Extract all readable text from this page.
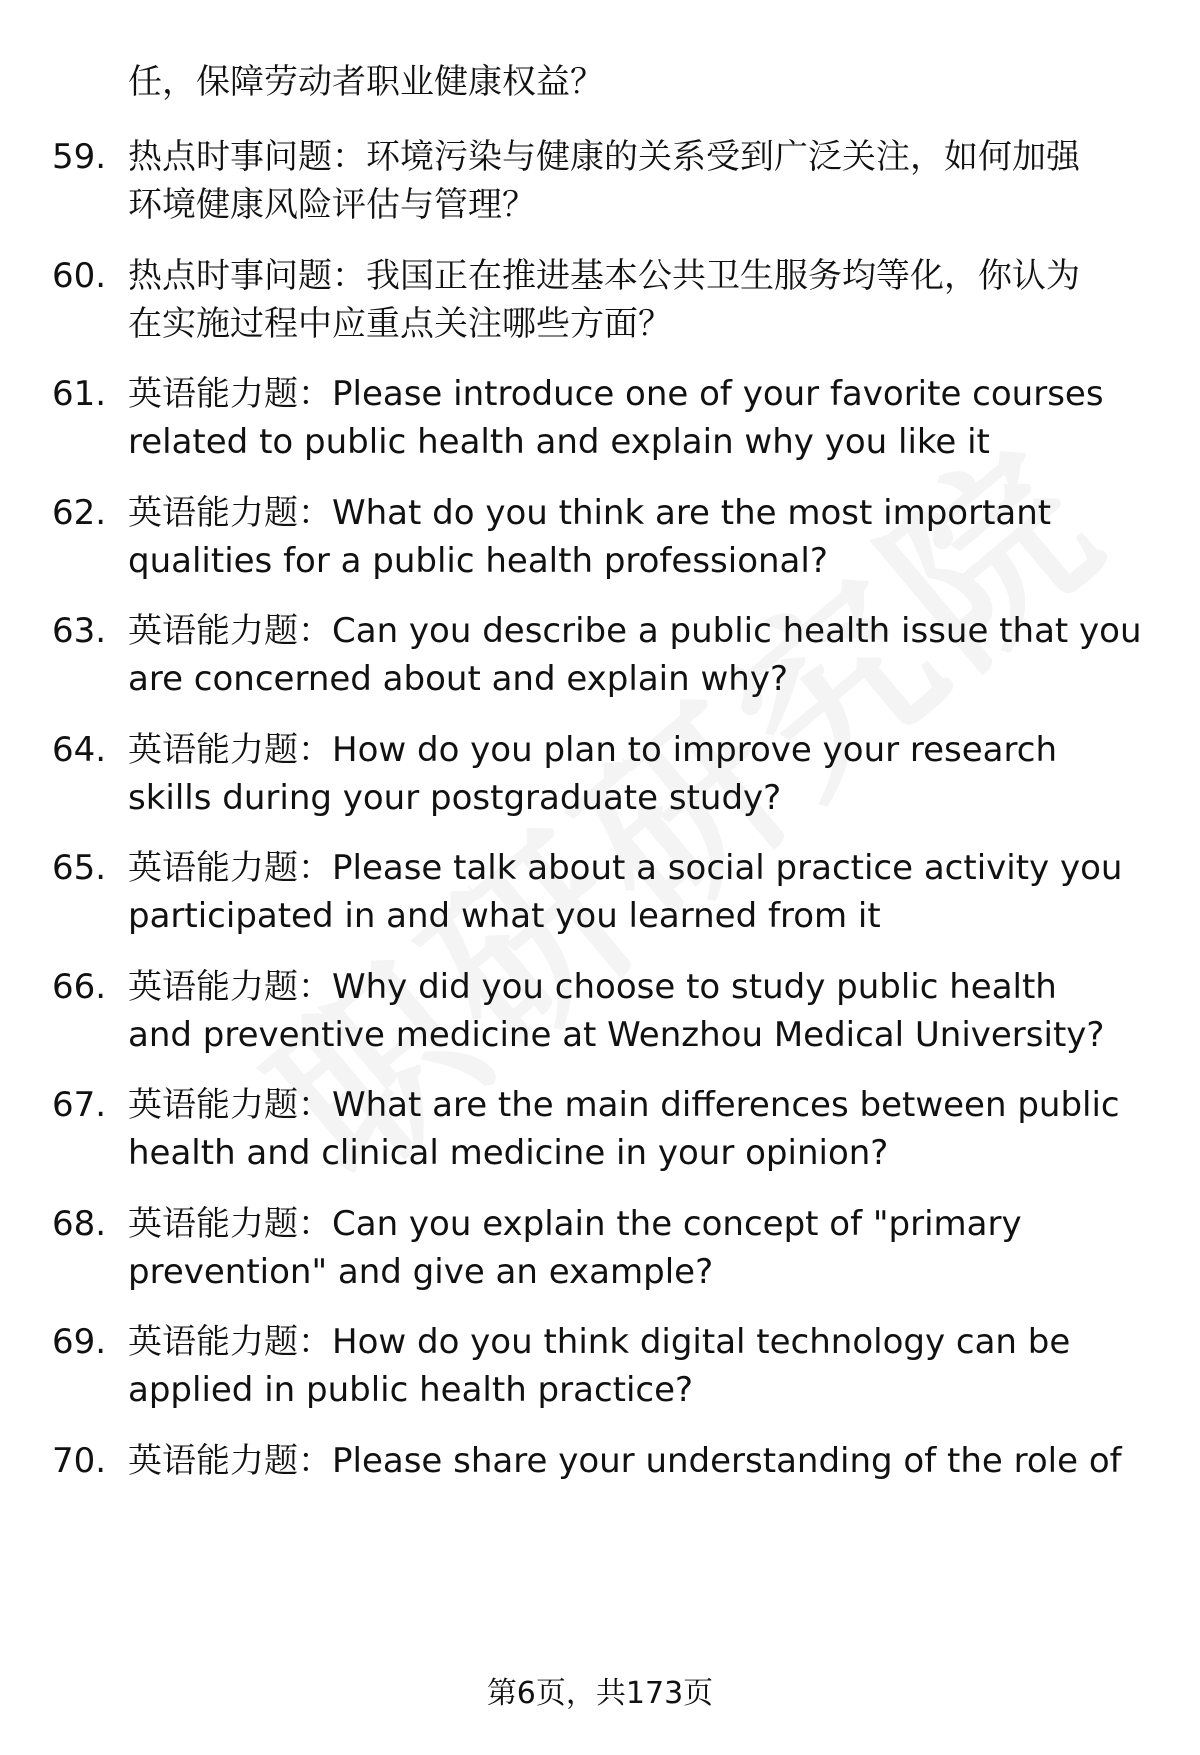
任，保障劳动者职业健康权益？
59. 热点时事问题：环境污染与健康的关系受到广泛关注，如何加强
环境健康风险评估与管理？
60. 热点时事问题：我国正在推进基本公共卫生服务均等化，你认为
在实施过程中应重点关注哪些方面？
61. 英语能力题：Please introduce one of your favorite courses
related to public health and explain why you like it
62. 英语能力题：What do you think are the most important
qualities for a public health professional?
63. 英语能力题：Can you describe a public health issue that you
are concerned about and explain why?
64. 英语能力题：How do you plan to improve your research
skills during your postgraduate study?
65. 英语能力题：Please talk about a social practice activity you
participated in and what you learned from it
66. 英语能力题：Why did you choose to study public health
and preventive medicine at Wenzhou Medical University?
67. 英语能力题：What are the main differences between public
health and clinical medicine in your opinion?
68. 英语能力题：Can you explain the concept of "primary
prevention" and give an example?
69. 英语能力题：How do you think digital technology can be
applied in public health practice?
70. 英语能力题：Please share your understanding of the role of
第6页，共173页
